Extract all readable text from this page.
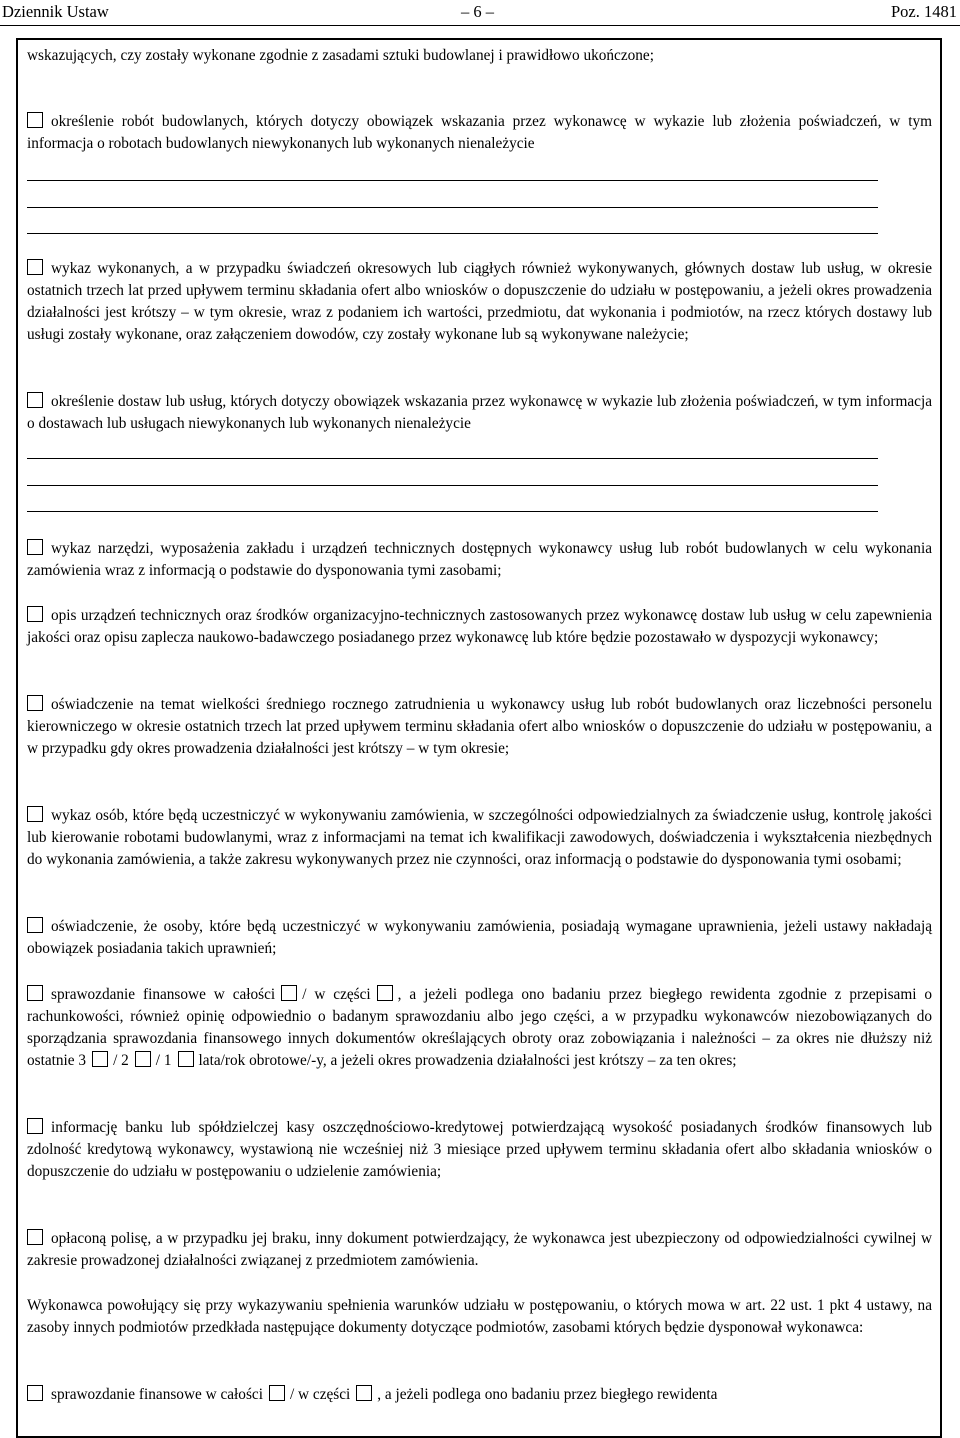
Dziennik Ustaw	– 6 –	Poz. 1481

wskazujących, czy zostały wykonane zgodnie z zasadami sztuki budowlanej i prawidłowo ukończone;

określenie robót budowlanych, których dotyczy obowiązek wskazania przez wykonawcę w wykazie lub złożenia poświadczeń, w tym informacja o robotach budowlanych niewykonanych lub wykonanych nienależycie

wykaz wykonanych, a w przypadku świadczeń okresowych lub ciągłych również wykonywanych, głównych dostaw lub usług, w okresie ostatnich trzech lat przed upływem terminu składania ofert albo wniosków o dopuszczenie do udziału w postępowaniu, a jeżeli okres prowadzenia działalności jest krótszy – w tym okresie, wraz z podaniem ich wartości, przedmiotu, dat wykonania i podmiotów, na rzecz których dostawy lub usługi zostały wykonane, oraz załączeniem dowodów, czy zostały wykonane lub są wykonywane należycie;

określenie dostaw lub usług, których dotyczy obowiązek wskazania przez wykonawcę w wykazie lub złożenia poświadczeń, w tym informacja o dostawach lub usługach niewykonanych lub wykonanych nienależycie

wykaz narzędzi, wyposażenia zakładu i urządzeń technicznych dostępnych wykonawcy usług lub robót budowlanych w celu wykonania zamówienia wraz z informacją o podstawie do dysponowania tymi zasobami;

opis urządzeń technicznych oraz środków organizacyjno-technicznych zastosowanych przez wykonawcę dostaw lub usług w celu zapewnienia jakości oraz opisu zaplecza naukowo-badawczego posiadanego przez wykonawcę lub które będzie pozostawało w dyspozycji wykonawcy;

oświadczenie na temat wielkości średniego rocznego zatrudnienia u wykonawcy usług lub robót budowlanych oraz liczebności personelu kierowniczego w okresie ostatnich trzech lat przed upływem terminu składania ofert albo wniosków o dopuszczenie do udziału w postępowaniu, a w przypadku gdy okres prowadzenia działalności jest krótszy – w tym okresie;

wykaz osób, które będą uczestniczyć w wykonywaniu zamówienia, w szczególności odpowiedzialnych za świadczenie usług, kontrolę jakości lub kierowanie robotami budowlanymi, wraz z informacjami na temat ich kwalifikacji zawodowych, doświadczenia i wykształcenia niezbędnych do wykonania zamówienia, a także zakresu wykonywanych przez nie czynności, oraz informacją o podstawie do dysponowania tymi osobami;

oświadczenie, że osoby, które będą uczestniczyć w wykonywaniu zamówienia, posiadają wymagane uprawnienia, jeżeli ustawy nakładają obowiązek posiadania takich uprawnień;

sprawozdanie finansowe w całości / w części , a jeżeli podlega ono badaniu przez biegłego rewidenta zgodnie z przepisami o rachunkowości, również opinię odpowiednio o badanym sprawozdaniu albo jego części, a w przypadku wykonawców niezobowiązanych do sporządzania sprawozdania finansowego innych dokumentów określających obroty oraz zobowiązania i należności – za okres nie dłuższy niż ostatnie 3 / 2 / 1 lata/rok obrotowe/-y, a jeżeli okres prowadzenia działalności jest krótszy – za ten okres;

informację banku lub spółdzielczej kasy oszczędnościowo-kredytowej potwierdzającą wysokość posiadanych środków finansowych lub zdolność kredytową wykonawcy, wystawioną nie wcześniej niż 3 miesiące przed upływem terminu składania ofert albo składania wniosków o dopuszczenie do udziału w postępowaniu o udzielenie zamówienia;

opłaconą polisę, a w przypadku jej braku, inny dokument potwierdzający, że wykonawca jest ubezpieczony od odpowiedzialności cywilnej w zakresie prowadzonej działalności związanej z przedmiotem zamówienia.

Wykonawca powołujący się przy wykazywaniu spełnienia warunków udziału w postępowaniu, o których mowa w art. 22 ust. 1 pkt 4 ustawy, na zasoby innych podmiotów przedkłada następujące dokumenty dotyczące podmiotów, zasobami których będzie dysponował wykonawca:

sprawozdanie finansowe w całości / w części , a jeżeli podlega ono badaniu przez biegłego rewidenta
